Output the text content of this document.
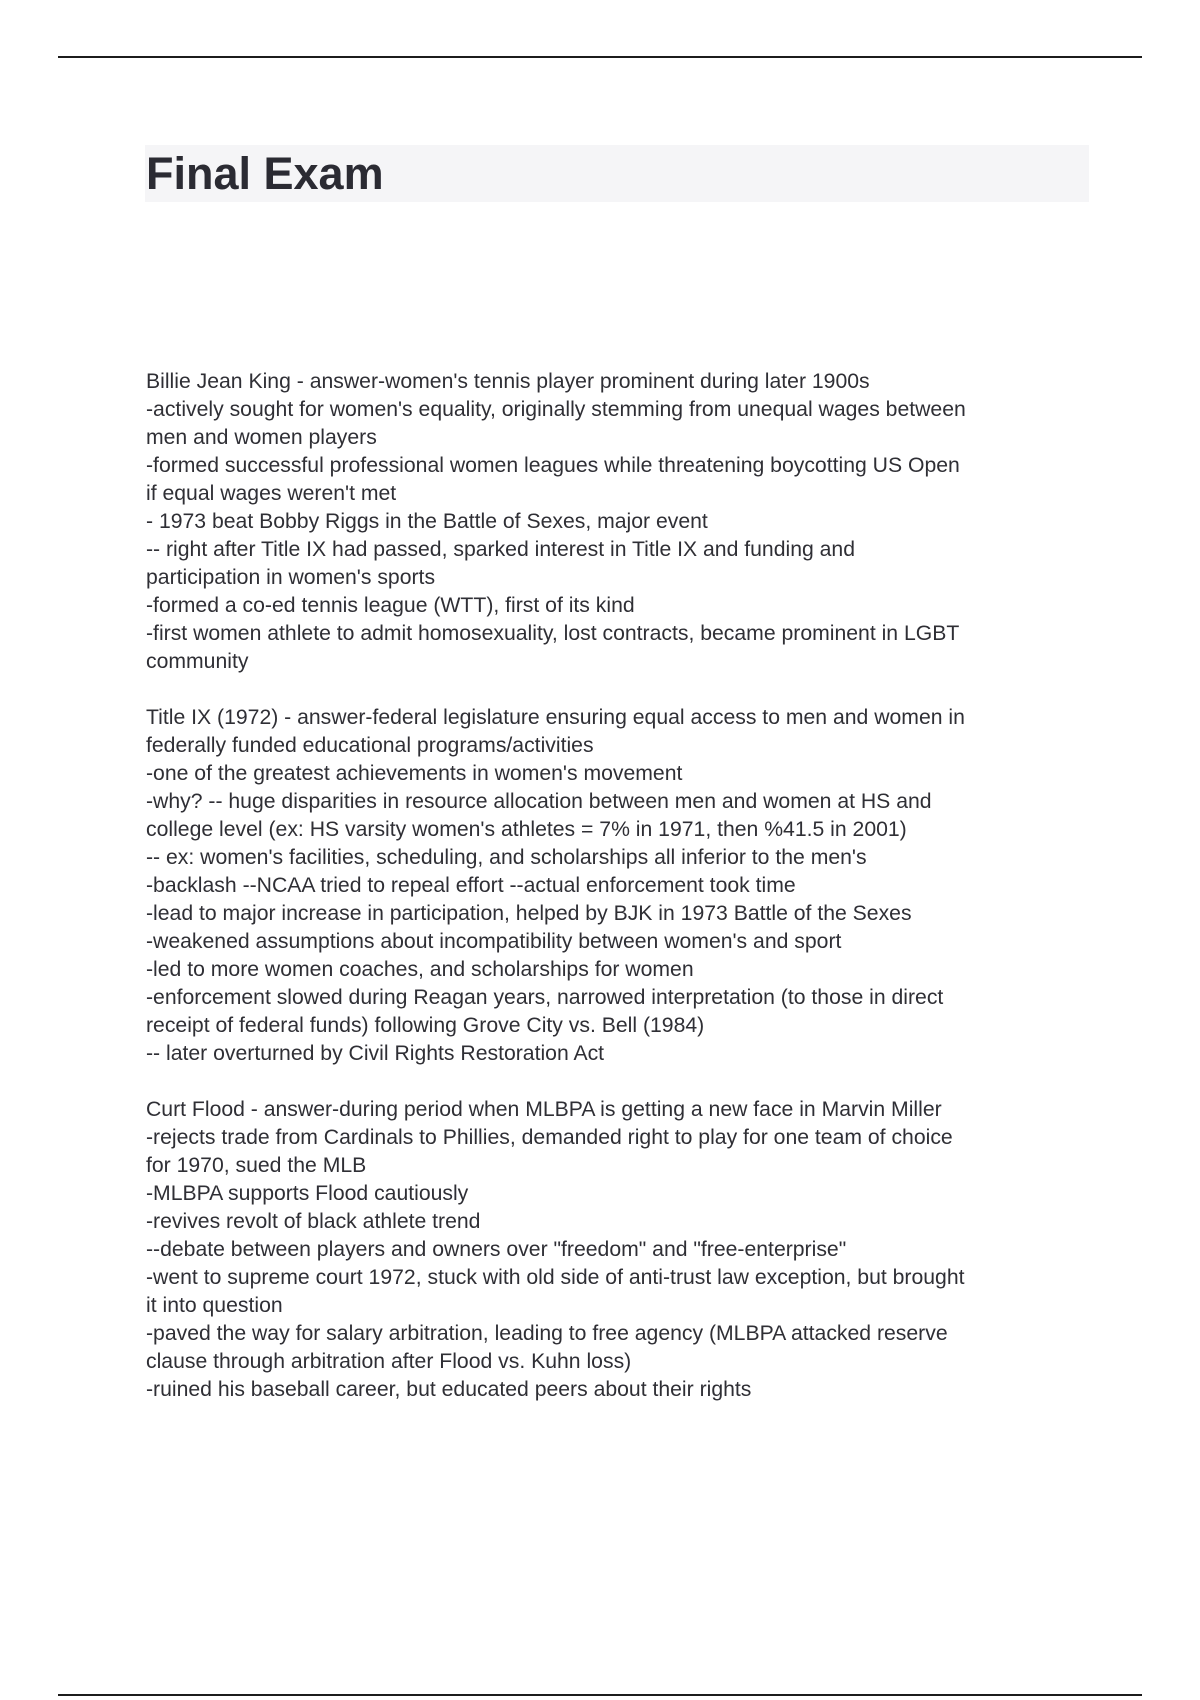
Final Exam

Billie Jean King - answer-women's tennis player prominent during later 1900s

-actively sought for women's equality, originally stemming from unequal wages between

men and women players

-formed successful professional women leagues while threatening boycotting US Open

if equal wages weren't met

- 1973 beat Bobby Riggs in the Battle of Sexes, major event

-- right after Title IX had passed, sparked interest in Title IX and funding and

participation in women's sports

-formed a co-ed tennis league (WTT), first of its kind

-first women athlete to admit homosexuality, lost contracts, became prominent in LGBT

community

Title IX (1972) - answer-federal legislature ensuring equal access to men and women in

federally funded educational programs/activities

-one of the greatest achievements in women's movement

-why? -- huge disparities in resource allocation between men and women at HS and

college level (ex: HS varsity women's athletes = 7% in 1971, then %41.5 in 2001)

-- ex: women's facilities, scheduling, and scholarships all inferior to the men's

-backlash --NCAA tried to repeal effort --actual enforcement took time

-lead to major increase in participation, helped by BJK in 1973 Battle of the Sexes

-weakened assumptions about incompatibility between women's and sport

-led to more women coaches, and scholarships for women

-enforcement slowed during Reagan years, narrowed interpretation (to those in direct

receipt of federal funds) following Grove City vs. Bell (1984)

-- later overturned by Civil Rights Restoration Act

Curt Flood - answer-during period when MLBPA is getting a new face in Marvin Miller

-rejects trade from Cardinals to Phillies, demanded right to play for one team of choice

for 1970, sued the MLB

-MLBPA supports Flood cautiously

-revives revolt of black athlete trend

--debate between players and owners over "freedom" and "free-enterprise"

-went to supreme court 1972, stuck with old side of anti-trust law exception, but brought

it into question

-paved the way for salary arbitration, leading to free agency (MLBPA attacked reserve

clause through arbitration after Flood vs. Kuhn loss)

-ruined his baseball career, but educated peers about their rights
